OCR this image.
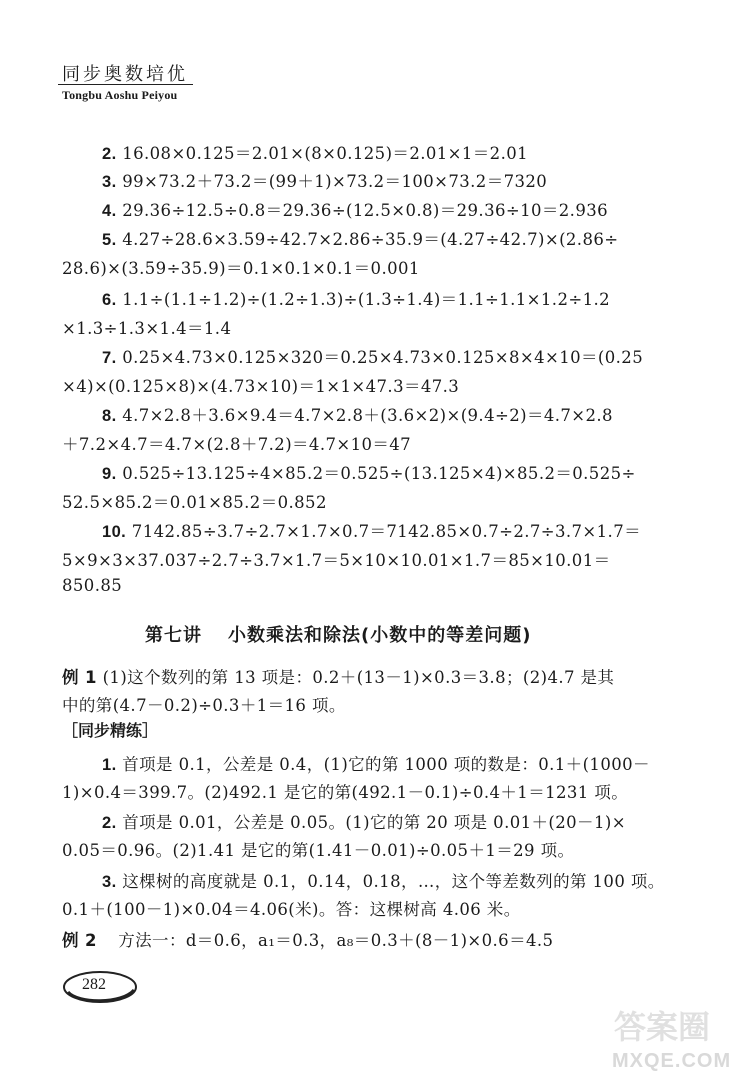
同步奥数培优
Tongbu Aoshu Peiyou
2. 16.08×0.125＝2.01×(8×0.125)＝2.01×1＝2.01
3. 99×73.2＋73.2＝(99＋1)×73.2＝100×73.2＝7320
4. 29.36÷12.5÷0.8＝29.36÷(12.5×0.8)＝29.36÷10＝2.936
5. 4.27÷28.6×3.59÷42.7×2.86÷35.9＝(4.27÷42.7)×(2.86÷
28.6)×(3.59÷35.9)＝0.1×0.1×0.1＝0.001
6. 1.1÷(1.1÷1.2)÷(1.2÷1.3)÷(1.3÷1.4)＝1.1÷1.1×1.2÷1.2
×1.3÷1.3×1.4＝1.4
7. 0.25×4.73×0.125×320＝0.25×4.73×0.125×8×4×10＝(0.25
×4)×(0.125×8)×(4.73×10)＝1×1×47.3＝47.3
8. 4.7×2.8＋3.6×9.4＝4.7×2.8＋(3.6×2)×(9.4÷2)＝4.7×2.8
＋7.2×4.7＝4.7×(2.8＋7.2)＝4.7×10＝47
9. 0.525÷13.125÷4×85.2＝0.525÷(13.125×4)×85.2＝0.525÷
52.5×85.2＝0.01×85.2＝0.852
10. 7142.85÷3.7÷2.7×1.7×0.7＝7142.85×0.7÷2.7÷3.7×1.7＝
5×9×3×37.037÷2.7÷3.7×1.7＝5×10×10.01×1.7＝85×10.01＝
850.85
第七讲 小数乘法和除法(小数中的等差问题)
例 1 (1)这个数列的第 13 项是：0.2＋(13－1)×0.3＝3.8；(2)4.7 是其
中的第(4.7－0.2)÷0.3＋1＝16 项。
［同步精练］
1. 首项是 0.1，公差是 0.4，(1)它的第 1000 项的数是：0.1＋(1000－
1)×0.4＝399.7。(2)492.1 是它的第(492.1－0.1)÷0.4＋1＝1231 项。
2. 首项是 0.01，公差是 0.05。(1)它的第 20 项是 0.01＋(20－1)×
0.05＝0.96。(2)1.41 是它的第(1.41－0.01)÷0.05＋1＝29 项。
3. 这棵树的高度就是 0.1，0.14，0.18，…，这个等差数列的第 100 项。
0.1＋(100－1)×0.04＝4.06(米)。答：这棵树高 4.06 米。
例 2 方法一：d＝0.6，a₁＝0.3，a₈＝0.3＋(8－1)×0.6＝4.5
282
答案圈
MXQE.COM
